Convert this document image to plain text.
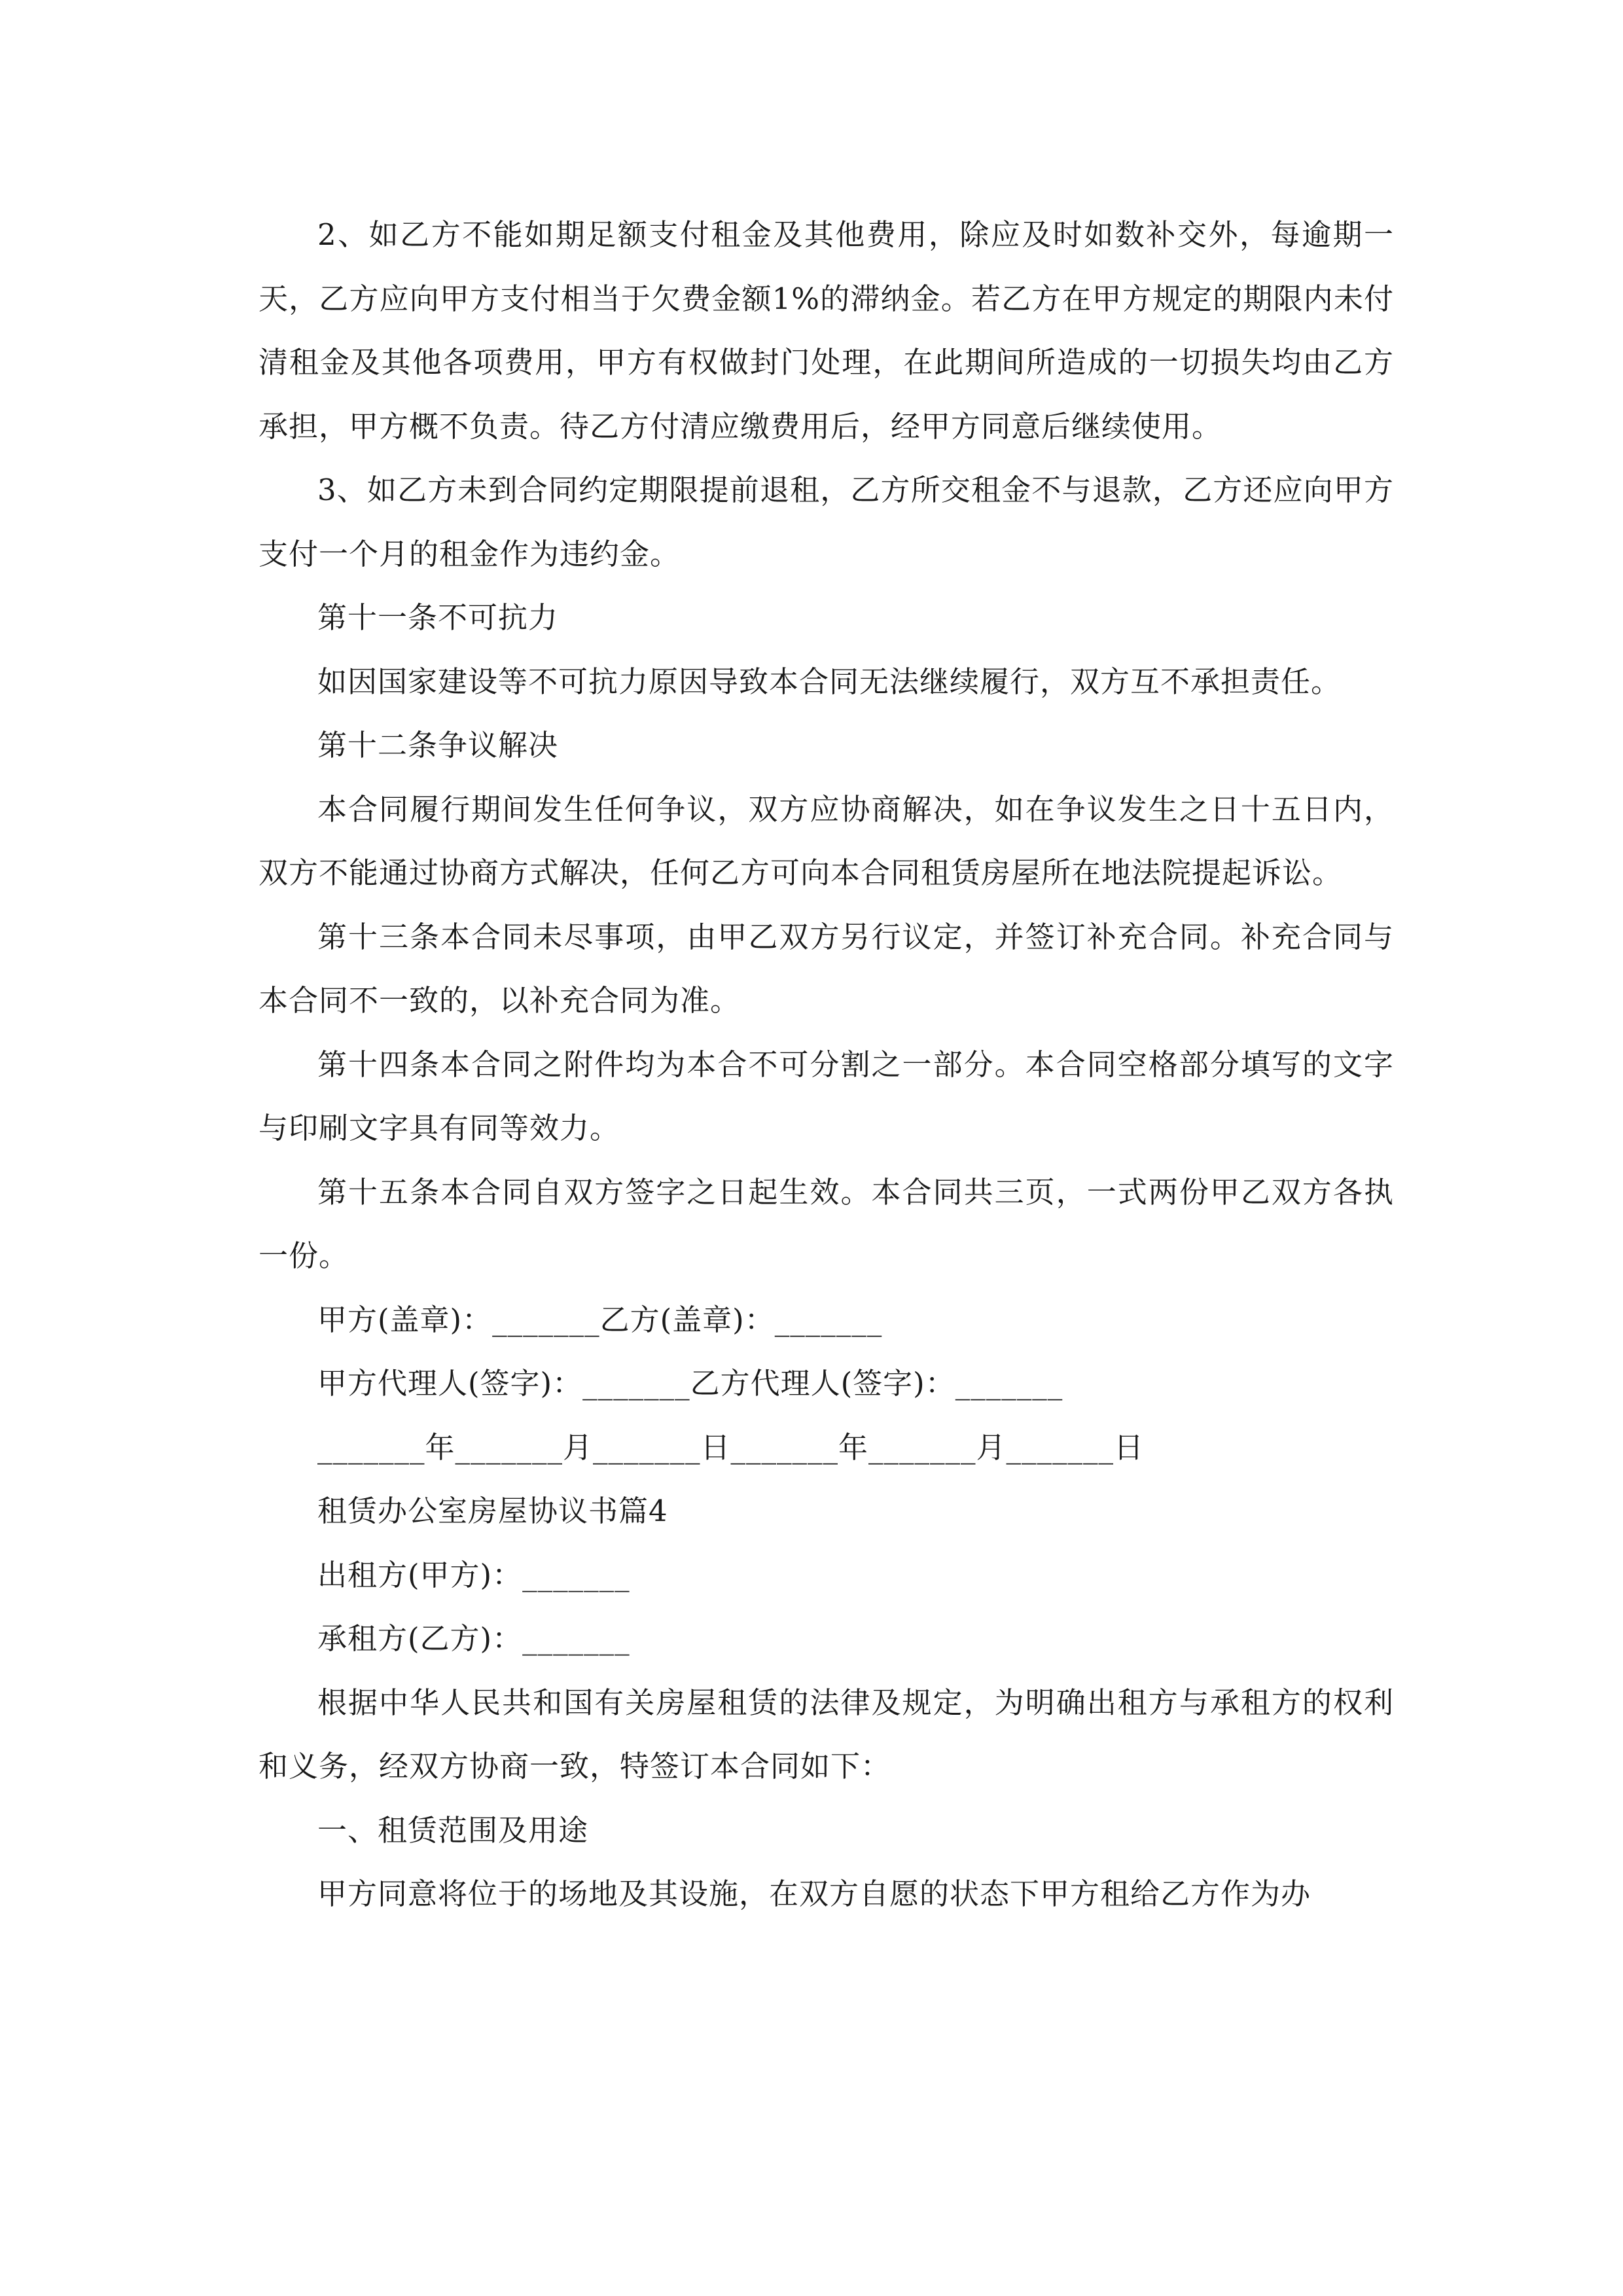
2、如乙方不能如期足额支付租金及其他费用，除应及时如数补交外，每逾期一天，乙方应向甲方支付相当于欠费金额1%的滞纳金。若乙方在甲方规定的期限内未付清租金及其他各项费用，甲方有权做封门处理，在此期间所造成的一切损失均由乙方承担，甲方概不负责。待乙方付清应缴费用后，经甲方同意后继续使用。

3、如乙方未到合同约定期限提前退租，乙方所交租金不与退款，乙方还应向甲方支付一个月的租金作为违约金。

第十一条不可抗力

如因国家建设等不可抗力原因导致本合同无法继续履行，双方互不承担责任。

第十二条争议解决

本合同履行期间发生任何争议，双方应协商解决，如在争议发生之日十五日内，双方不能通过协商方式解决，任何乙方可向本合同租赁房屋所在地法院提起诉讼。

第十三条本合同未尽事项，由甲乙双方另行议定，并签订补充合同。补充合同与本合同不一致的，以补充合同为准。

第十四条本合同之附件均为本合不可分割之一部分。本合同空格部分填写的文字与印刷文字具有同等效力。

第十五条本合同自双方签字之日起生效。本合同共三页，一式两份甲乙双方各执一份。

甲方(盖章)：_______乙方(盖章)：_______

甲方代理人(签字)：_______乙方代理人(签字)：_______

_______年_______月_______日_______年_______月_______日

租赁办公室房屋协议书篇4

出租方(甲方)：_______

承租方(乙方)：_______

根据中华人民共和国有关房屋租赁的法律及规定，为明确出租方与承租方的权利和义务，经双方协商一致，特签订本合同如下：

一、租赁范围及用途

甲方同意将位于的场地及其设施，在双方自愿的状态下甲方租给乙方作为办
